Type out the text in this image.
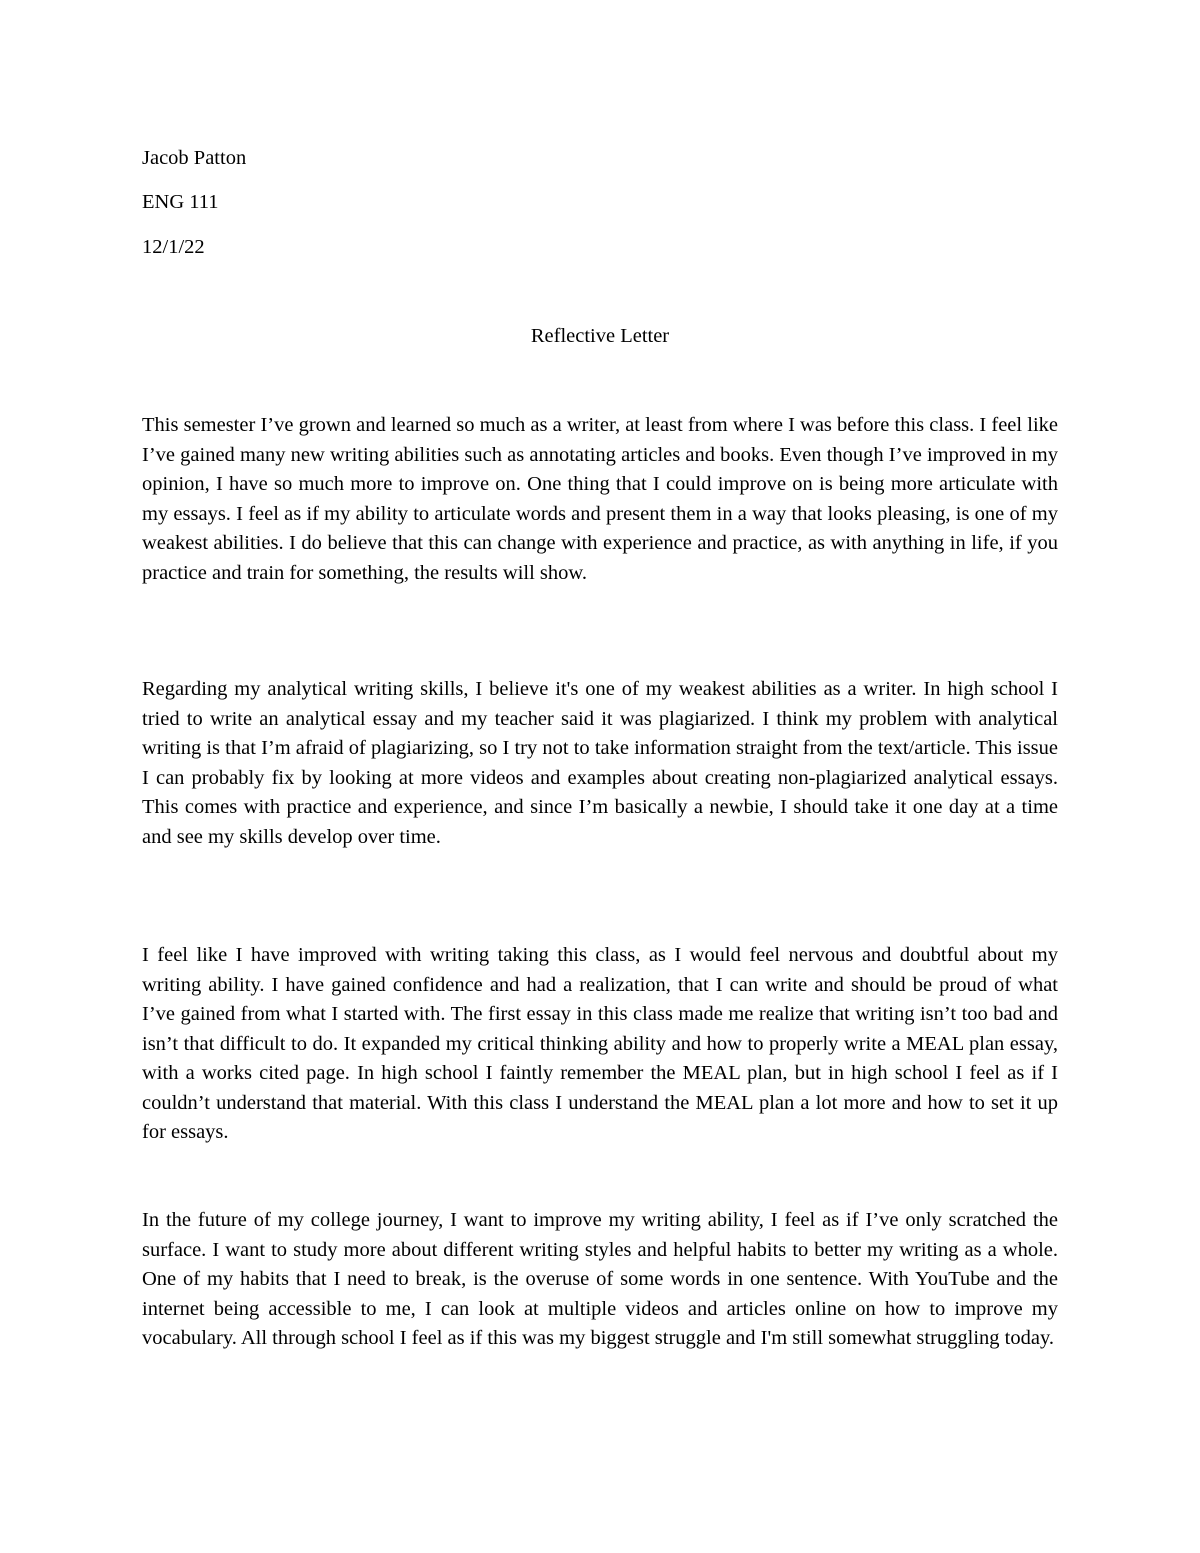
Jacob Patton
ENG 111
12/1/22
Reflective Letter

This semester I’ve grown and learned so much as a writer, at least from where I was before this class. I feel like I’ve gained many new writing abilities such as annotating articles and books. Even though I’ve improved in my opinion, I have so much more to improve on. One thing that I could improve on is being more articulate with my essays. I feel as if my ability to articulate words and present them in a way that looks pleasing, is one of my weakest abilities. I do believe that this can change with experience and practice, as with anything in life, if you practice and train for something, the results will show.

Regarding my analytical writing skills, I believe it's one of my weakest abilities as a writer. In high school I tried to write an analytical essay and my teacher said it was plagiarized. I think my problem with analytical writing is that I’m afraid of plagiarizing, so I try not to take information straight from the text/article. This issue I can probably fix by looking at more videos and examples about creating non-plagiarized analytical essays. This comes with practice and experience, and since I’m basically a newbie, I should take it one day at a time and see my skills develop over time.

I feel like I have improved with writing taking this class, as I would feel nervous and doubtful about my writing ability. I have gained confidence and had a realization, that I can write and should be proud of what I’ve gained from what I started with. The first essay in this class made me realize that writing isn’t too bad and isn’t that difficult to do. It expanded my critical thinking ability and how to properly write a MEAL plan essay, with a works cited page. In high school I faintly remember the MEAL plan, but in high school I feel as if I couldn’t understand that material. With this class I understand the MEAL plan a lot more and how to set it up for essays.

In the future of my college journey, I want to improve my writing ability, I feel as if I’ve only scratched the surface. I want to study more about different writing styles and helpful habits to better my writing as a whole. One of my habits that I need to break, is the overuse of some words in one sentence. With YouTube and the internet being accessible to me, I can look at multiple videos and articles online on how to improve my vocabulary. All through school I feel as if this was my biggest struggle and I'm still somewhat struggling today.
